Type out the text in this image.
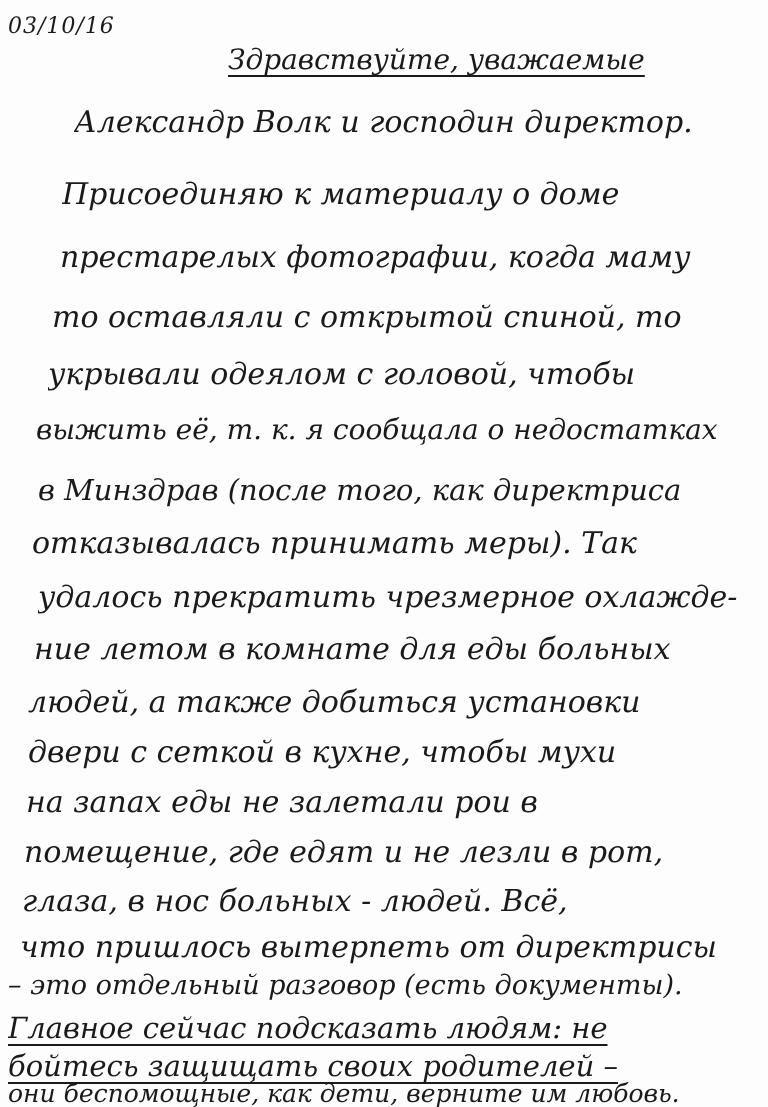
03/10/16
Здравствуйте, уважаемые
Александр Волк и господин директор.
Присоединяю к материалу о доме
престарелых фотографии, когда маму
то оставляли с открытой спиной, то
укрывали одеялом с головой, чтобы
выжить её, т. к. я сообщала о недостатках
в Минздрав (после того, как директриса
отказывалась принимать меры). Так
удалось прекратить чрезмерное охлажде-
ние летом в комнате для еды больных
людей, а также добиться установки
двери с сеткой в кухне, чтобы мухи
на запах еды не залетали рои в
помещение, где едят и не лезли в рот,
глаза, в нос больных - людей. Всё,
что пришлось вытерпеть от директрисы
– это отдельный разговор (есть документы).
Главное сейчас подсказать людям: не
бойтесь защищать своих родителей –
они беспомощные, как дети, верните им любовь.
